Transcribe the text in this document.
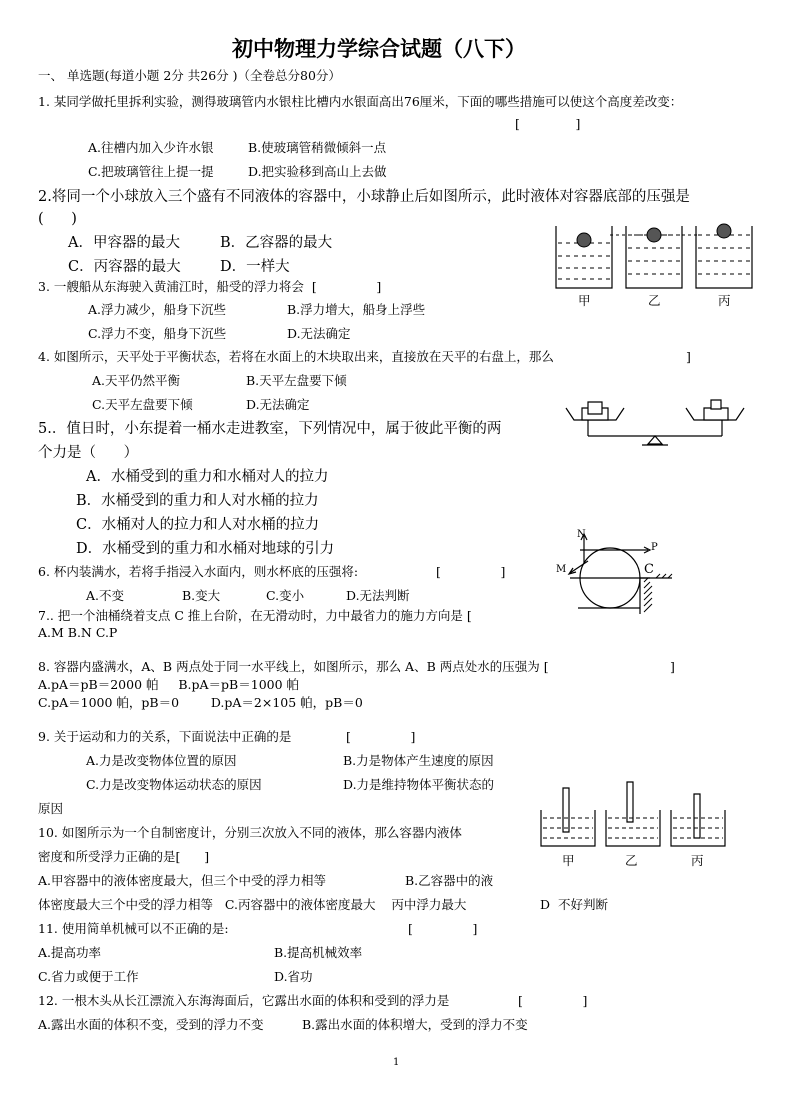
初中物理力学综合试题（八下）
一、 单选题(每道小题 2分 共26分 )（全卷总分80分）
1. 某同学做托里拆利实验，测得玻璃管内水银柱比槽内水银面高出76厘米，下面的哪些措施可以使这个高度差改变：
[              ]
A.往槽内加入少许水银	B.使玻璃管稍微倾斜一点
C.把玻璃管往上提一提	D.把实验移到高山上去做
2.将同一个小球放入三个盛有不同液体的容器中，小球静止后如图所示，此时液体对容器底部的压强是
(      )
A．甲容器的最大	B．乙容器的最大
C．丙容器的最大	D．一样大
甲	乙	丙
3. 一艘船从东海驶入黄浦江时，船受的浮力将会  [               ]
A.浮力减少，船身下沉些	B.浮力增大，船身上浮些
C.浮力不变，船身下沉些	D.无法确定
4. 如图所示，天平处于平衡状态，若将在水面上的木块取出来，直接放在天平的右盘上，那么	]
A.天平仍然平衡	B.天平左盘要下倾
C.天平左盘要下倾	D.无法确定
5.．值日时，小东提着一桶水走进教室，下列情况中，属于彼此平衡的两
个力是（      ）
A．水桶受到的重力和水桶对人的拉力
B．水桶受到的重力和人对水桶的拉力
C．水桶对人的拉力和人对水桶的拉力
D．水桶受到的重力和水桶对地球的引力
N
P
M	C
6. 杯内装满水，若将手指浸入水面内，则水杯底的压强将:	[               ]
A.不变	B.变大	C.变小	D.无法判断
7.. 把一个油桶绕着支点 C 推上台阶，在无滑动时，力中最省力的施力方向是 [
A.M B.N C.P
8. 容器内盛满水，A、B 两点处于同一水平线上，如图所示，那么 A、B 两点处水的压强为 [	]
A.pA＝pB＝2000 帕     B.pA＝pB＝1000 帕
C.pA＝1000 帕，pB＝0        D.pA＝2×105 帕，pB＝0
9. 关于运动和力的关系，下面说法中正确的是	[               ]
A.力是改变物体位置的原因	B.力是物体产生速度的原因
C.力是改变物体运动状态的原因	D.力是维持物体平衡状态的
原因
甲	乙	丙
10. 如图所示为一个自制密度计，分别三次放入不同的液体，那么容器内液体
密度和所受浮力正确的是[      ]
A.甲容器中的液体密度最大，但三个中受的浮力相等	B.乙容器中的液
体密度最大三个中受的浮力相等   C.丙容器中的液体密度最大    丙中浮力最大	D  不好判断
11. 使用简单机械可以不正确的是:	[               ]
A.提高功率	B.提高机械效率
C.省力或便于工作	D.省功
12. 一根木头从长江漂流入东海海面后，它露出水面的体积和受到的浮力是	[               ]
A.露出水面的体积不变，受到的浮力不变	B.露出水面的体积增大，受到的浮力不变
1
